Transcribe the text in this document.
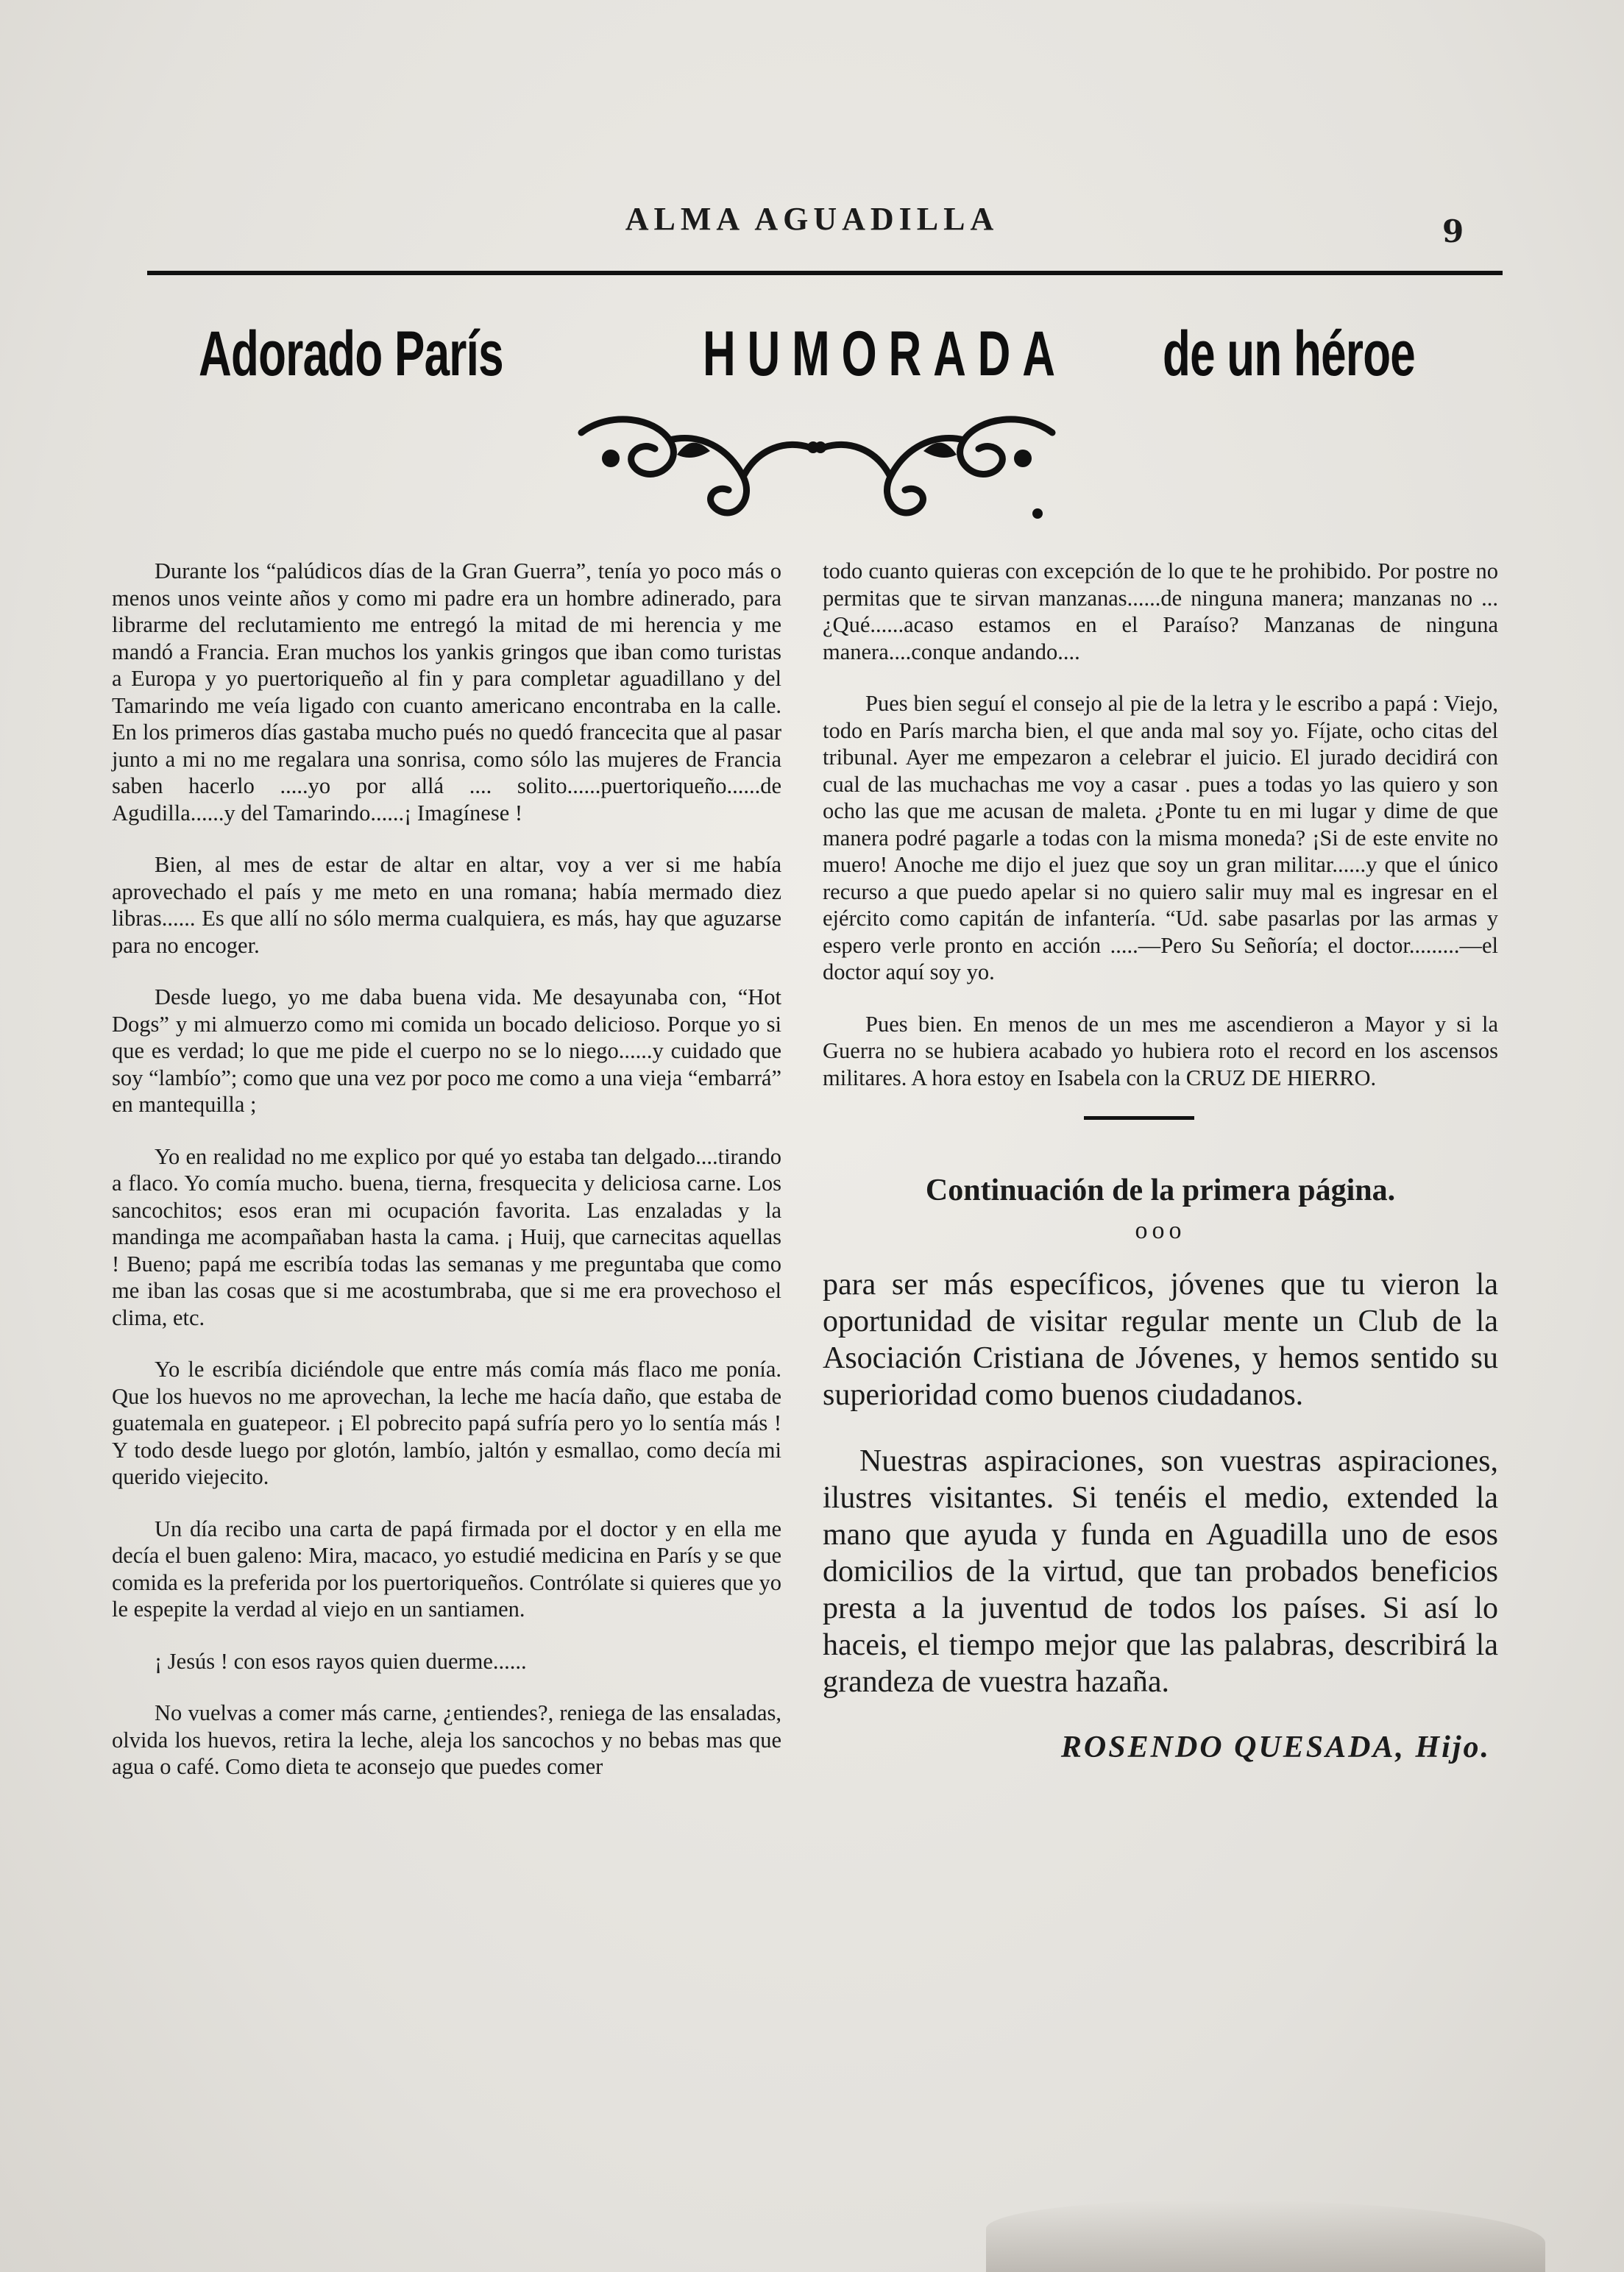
ALMA AGUADILLA	9
Adorado París	HUMORADA de un héroe

Durante los “palúdicos días de la Gran Guerra”, tenía yo poco más o menos unos veinte años y como mi padre era un hombre adinerado, para librarme del reclutamiento me entregó la mitad de mi herencia y me mandó a Francia. Eran muchos los yankis gringos que iban como turistas a Europa y yo puertoriqueño al fin y para completar aguadillano y del Tamarindo me veía ligado con cuanto americano encontraba en la calle. En los primeros días gastaba mucho pués no quedó francecita que al pasar junto a mi no me regalara una sonrisa, como sólo las mujeres de Francia saben hacerlo .....yo por allá .... solito......puertoriqueño......de Agudilla......y del Tamarindo......¡ Imagínese !

Bien, al mes de estar de altar en altar, voy a ver si me había aprovechado el país y me meto en una romana; había mermado diez libras...... Es que allí no sólo merma cualquiera, es más, hay que aguzarse para no encoger.

Desde luego, yo me daba buena vida. Me desayunaba con, “Hot Dogs” y mi almuerzo como mi comida un bocado delicioso. Porque yo si que es verdad; lo que me pide el cuerpo no se lo niego......y cuidado que soy “lambío”; como que una vez por poco me como a una vieja “embarrá” en mantequilla ;

Yo en realidad no me explico por qué yo estaba tan delgado....tirando a flaco. Yo comía mucho. buena, tierna, fresquecita y deliciosa carne. Los sancochitos; esos eran mi ocupación favorita. Las enzaladas y la mandinga me acompañaban hasta la cama. ¡ Huij, que carnecitas aquellas ! Bueno; papá me escribía todas las semanas y me preguntaba que como me iban las cosas que si me acostumbraba, que si me era provechoso el clima, etc.

Yo le escribía diciéndole que entre más comía más flaco me ponía. Que los huevos no me aprovechan, la leche me hacía daño, que estaba de guatemala en guatepeor. ¡ El pobrecito papá sufría pero yo lo sentía más ! Y todo desde luego por glotón, lambío, jaltón y esmallao, como decía mi querido viejecito.

Un día recibo una carta de papá firmada por el doctor y en ella me decía el buen galeno: Mira, macaco, yo estudié medicina en París y se que comida es la preferida por los puertoriqueños. Contrólate si quieres que yo le espepite la verdad al viejo en un santiamen.

¡ Jesús ! con esos rayos quien duerme......

No vuelvas a comer más carne, ¿entiendes?, reniega de las ensaladas, olvida los huevos, retira la leche, aleja los sancochos y no bebas mas que agua o café. Como dieta te aconsejo que puedes comer

todo cuanto quieras con excepción de lo que te he prohibido. Por postre no permitas que te sirvan manzanas......de ninguna manera; manzanas no ... ¿Qué......acaso estamos en el Paraíso? Manzanas de ninguna manera....conque andando....

Pues bien seguí el consejo al pie de la letra y le escribo a papá : Viejo, todo en París marcha bien, el que anda mal soy yo. Fíjate, ocho citas del tribunal. Ayer me empezaron a celebrar el juicio. El jurado decidirá con cual de las muchachas me voy a casar . pues a todas yo las quiero y son ocho las que me acusan de maleta. ¿Ponte tu en mi lugar y dime de que manera podré pagarle a todas con la misma moneda? ¡Si de este envite no muero! Anoche me dijo el juez que soy un gran militar......y que el único recurso a que puedo apelar si no quiero salir muy mal es ingresar en el ejército como capitán de infantería. “Ud. sabe pasarlas por las armas y espero verle pronto en acción .....—Pero Su Señoría; el doctor.........—el doctor aquí soy yo.

Pues bien. En menos de un mes me ascendieron a Mayor y si la Guerra no se hubiera acabado yo hubiera roto el record en los ascensos militares. A hora estoy en Isabela con la CRUZ DE HIERRO.

Continuación de la primera página.
ooo

para ser más específicos, jóvenes que tu vieron la oportunidad de visitar regular mente un Club de la Asociación Cristiana de Jóvenes, y hemos sentido su superioridad como buenos ciudadanos.

Nuestras aspiraciones, son vuestras aspiraciones, ilustres visitantes. Si tenéis el medio, extended la mano que ayuda y funda en Aguadilla uno de esos domicilios de la virtud, que tan probados beneficios presta a la juventud de todos los países. Si así lo haceis, el tiempo mejor que las palabras, describirá la grandeza de vuestra hazaña.

ROSENDO QUESADA, Hijo.
